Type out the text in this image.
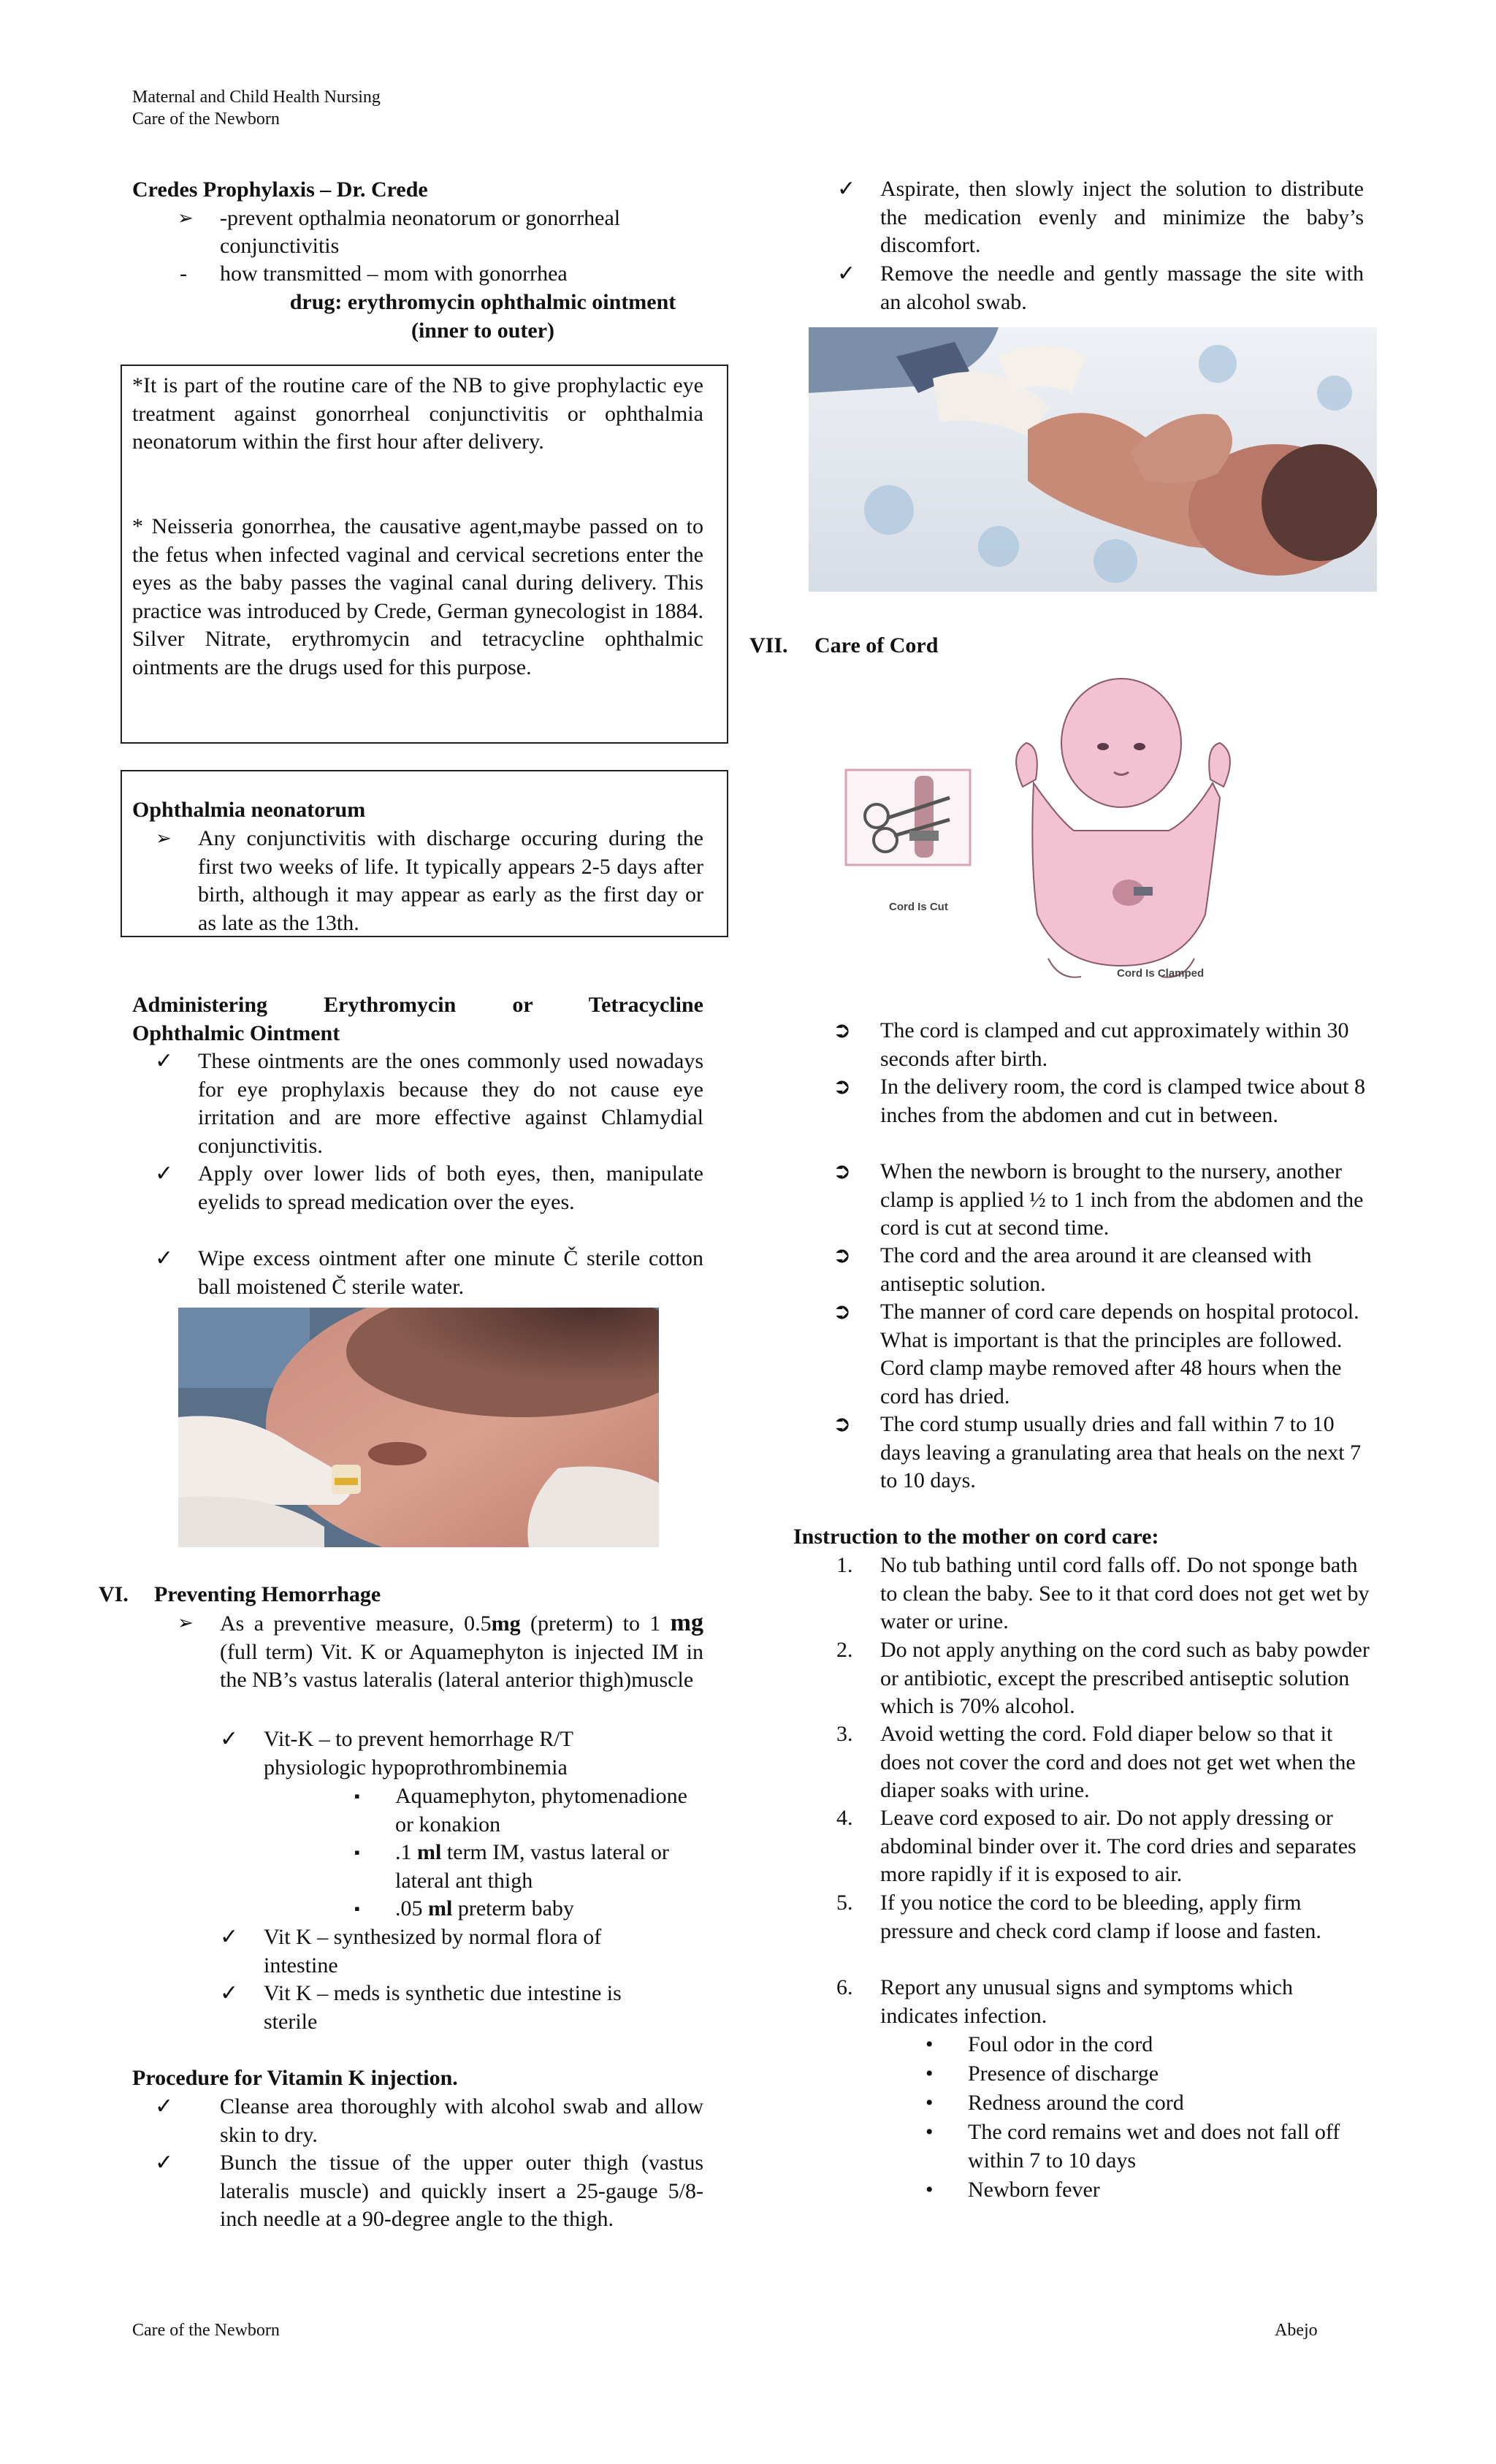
Maternal and Child Health Nursing
Care of the Newborn
Credes Prophylaxis – Dr. Crede
➢ -prevent opthalmia neonatorum or gonorrheal
conjunctivitis
- how transmitted – mom with gonorrhea
drug: erythromycin ophthalmic ointment
(inner to outer)
*It is part of the routine care of the NB to give prophylactic eye treatment against gonorrheal conjunctivitis or ophthalmia neonatorum within the first hour after delivery.
* Neisseria gonorrhea, the causative agent,maybe passed on to the fetus when infected vaginal and cervical secretions enter the eyes as the baby passes the vaginal canal during delivery. This practice was introduced by Crede, German gynecologist in 1884. Silver Nitrate, erythromycin and tetracycline ophthalmic ointments are the drugs used for this purpose.
Ophthalmia neonatorum
➢ Any conjunctivitis with discharge occuring during the first two weeks of life. It typically appears 2-5 days after birth, although it may appear as early as the first day or as late as the 13th.
Administering Erythromycin or Tetracycline
Ophthalmic Ointment
✓ These ointments are the ones commonly used nowadays for eye prophylaxis because they do not cause eye irritation and are more effective against Chlamydial conjunctivitis.
✓ Apply over lower lids of both eyes, then, manipulate eyelids to spread medication over the eyes.
✓ Wipe excess ointment after one minute Č sterile cotton ball moistened Č sterile water.
VI. Preventing Hemorrhage
➢ As a preventive measure, 0.5mg (preterm) to 1 mg (full term) Vit. K or Aquamephyton is injected IM in the NB’s vastus lateralis (lateral anterior thigh)muscle
✓ Vit-K – to prevent hemorrhage R/T physiologic hypoprothrombinemia
▪ Aquamephyton, phytomenadione or konakion
▪ .1 ml term IM, vastus lateral or lateral ant thigh
▪ .05 ml preterm baby
✓ Vit K – synthesized by normal flora of intestine
✓ Vit K – meds is synthetic due intestine is sterile
Procedure for Vitamin K injection.
✓ Cleanse area thoroughly with alcohol swab and allow skin to dry.
✓ Bunch the tissue of the upper outer thigh (vastus lateralis muscle) and quickly insert a 25-gauge 5/8-inch needle at a 90-degree angle to the thigh.
✓ Aspirate, then slowly inject the solution to distribute the medication evenly and minimize the baby’s discomfort.
✓ Remove the needle and gently massage the site with an alcohol swab.
VII. Care of Cord
Cord Is Cut
Cord Is Clamped
➲ The cord is clamped and cut approximately within 30 seconds after birth.
➲ In the delivery room, the cord is clamped twice about 8 inches from the abdomen and cut in between.
➲ When the newborn is brought to the nursery, another clamp is applied ½ to 1 inch from the abdomen and the cord is cut at second time.
➲ The cord and the area around it are cleansed with antiseptic solution.
➲ The manner of cord care depends on hospital protocol. What is important is that the principles are followed. Cord clamp maybe removed after 48 hours when the cord has dried.
➲ The cord stump usually dries and fall within 7 to 10 days leaving a granulating area that heals on the next 7 to 10 days.
Instruction to the mother on cord care:
1. No tub bathing until cord falls off. Do not sponge bath to clean the baby. See to it that cord does not get wet by water or urine.
2. Do not apply anything on the cord such as baby powder or antibiotic, except the prescribed antiseptic solution which is 70% alcohol.
3. Avoid wetting the cord. Fold diaper below so that it does not cover the cord and does not get wet when the diaper soaks with urine.
4. Leave cord exposed to air. Do not apply dressing or abdominal binder over it. The cord dries and separates more rapidly if it is exposed to air.
5. If you notice the cord to be bleeding, apply firm pressure and check cord clamp if loose and fasten.
6. Report any unusual signs and symptoms which indicates infection.
• Foul odor in the cord
• Presence of discharge
• Redness around the cord
• The cord remains wet and does not fall off within 7 to 10 days
• Newborn fever
Care of the Newborn	Abejo
